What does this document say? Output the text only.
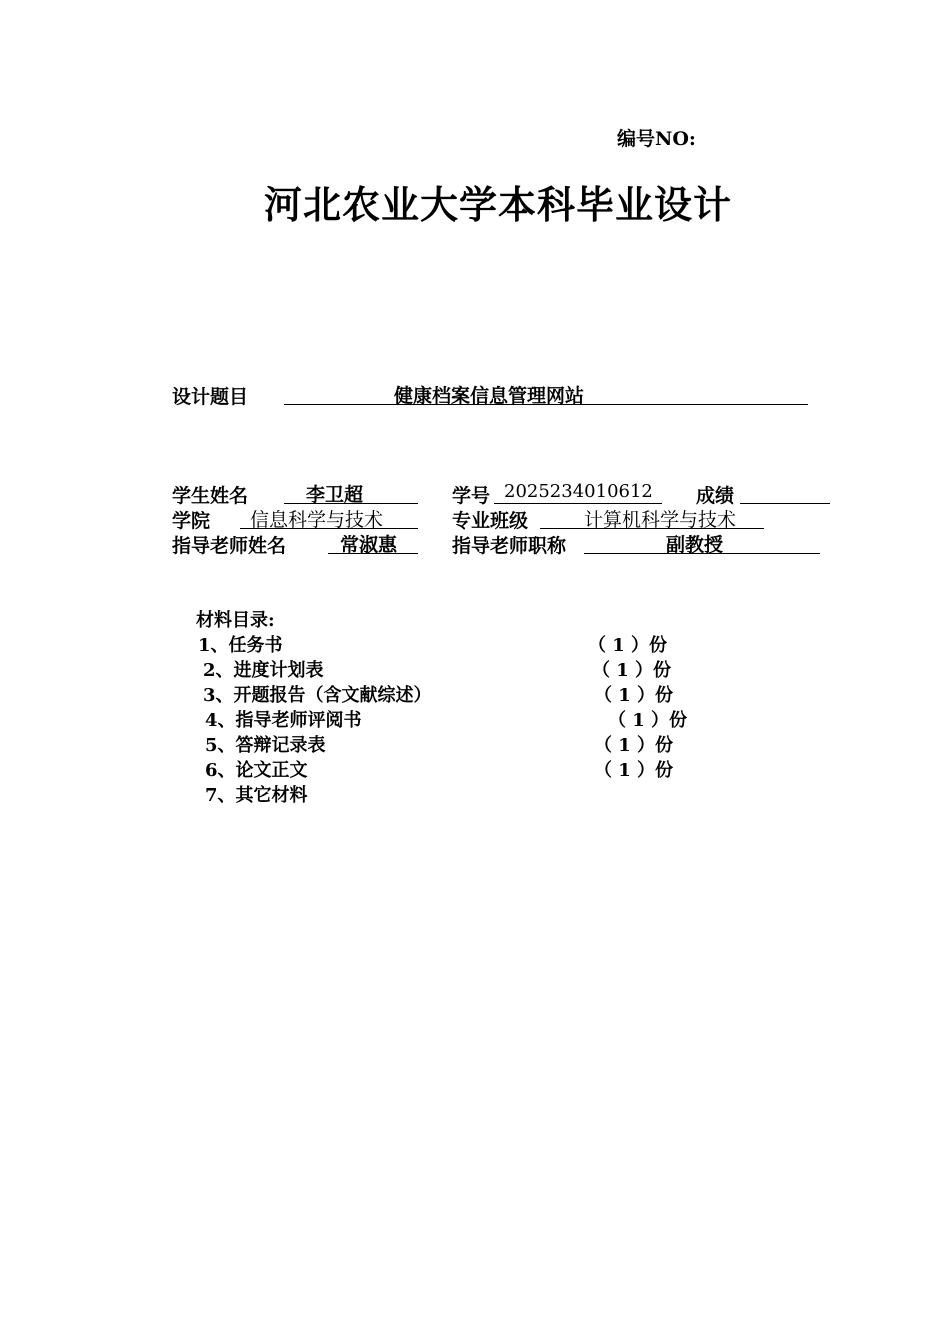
编号NO:
河北农业大学本科毕业设计
设计题目	健康档案信息管理网站
学生姓名	李卫超	学号 2025234010612 成绩
学院 信息科学与技术	专业班级	计算机科学与技术
指导老师姓名	常淑惠	指导老师职称	副教授
材料目录:
1、任务书	（ 1 ）份
2、进度计划表	（ 1 ）份
3、开题报告（含文献综述）	（ 1 ）份
4、指导老师评阅书	（ 1 ）份
5、答辩记录表	（ 1 ）份
6、论文正文	（ 1 ）份
7、其它材料
